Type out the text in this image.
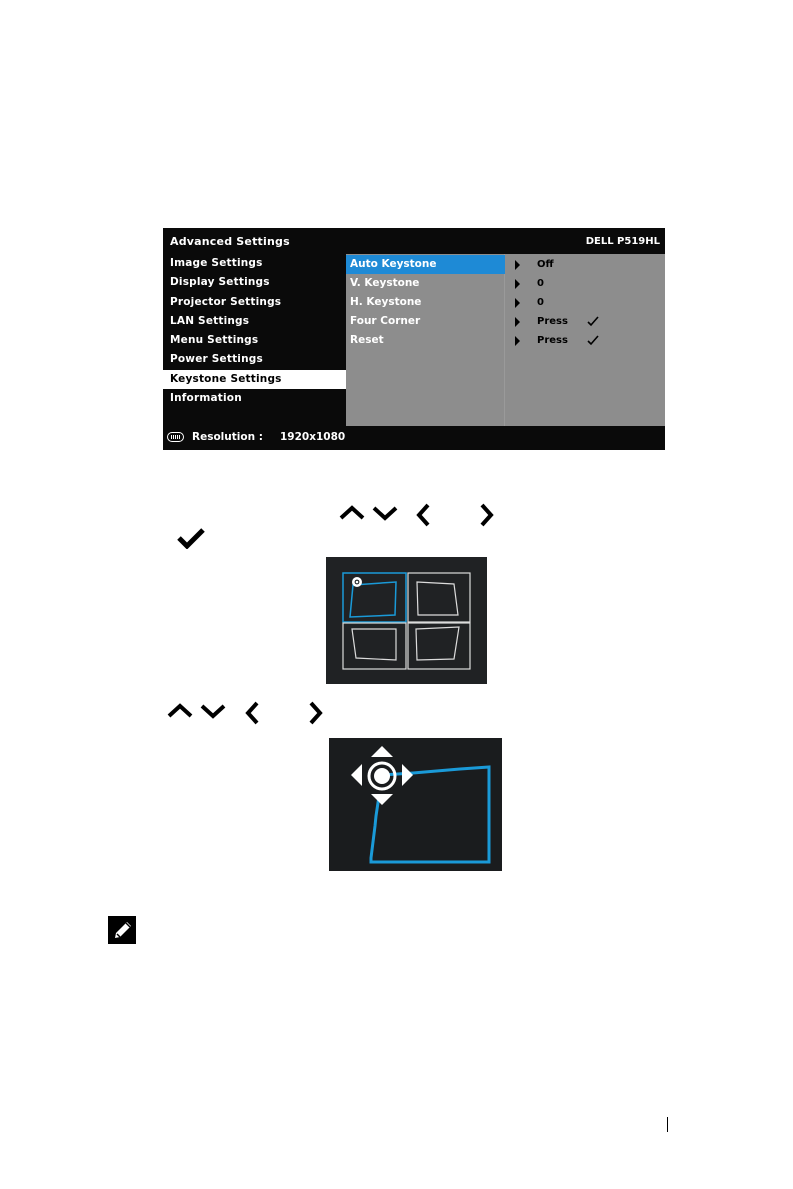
Advanced Settings	DELL P519HL
Image Settings
Display Settings
Projector Settings
LAN Settings
Menu Settings
Power Settings
Keystone Settings
Information
Auto Keystone	Off
V. Keystone	0
H. Keystone	0
Four Corner	Press
Reset	Press
Resolution : 1920x1080
